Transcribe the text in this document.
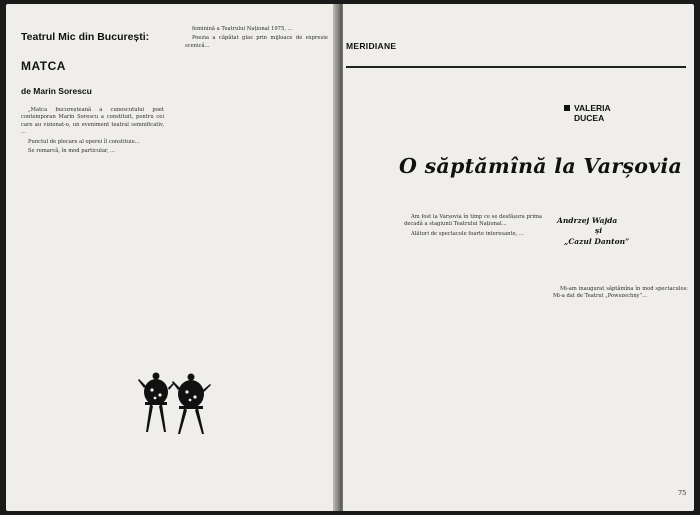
Teatrul Mic din București:
MATCA
de Marin Sorescu

„Matca bucureșteană a cunoscutului poet contemporan Marin Sorescu a constituit, pentru cei care au vizionat-o, un eveniment teatral semnificativ, ...

Punctul de plecare al operei îl constituie...

Se remarcă, în mod particular, ...

feminină a Teatrului Național 1975, ...

Poezia a căpătat glas prin mijloace de expresie scenică...	MERIDIANE
VALERIA
DUCEA
O săptămînă la Varșovia
Andrzej Wajda
și
„Cazul Danton”

Am fost la Varșovia în timp ce se desfășura prima decadă a stagiunii Teatrului Național...

Alături de spectacole foarte interesante, ...

Mi-am inaugurat săptămîna în mod spectaculos: Mi-a dat de Teatrul „Powszechny”...

75
